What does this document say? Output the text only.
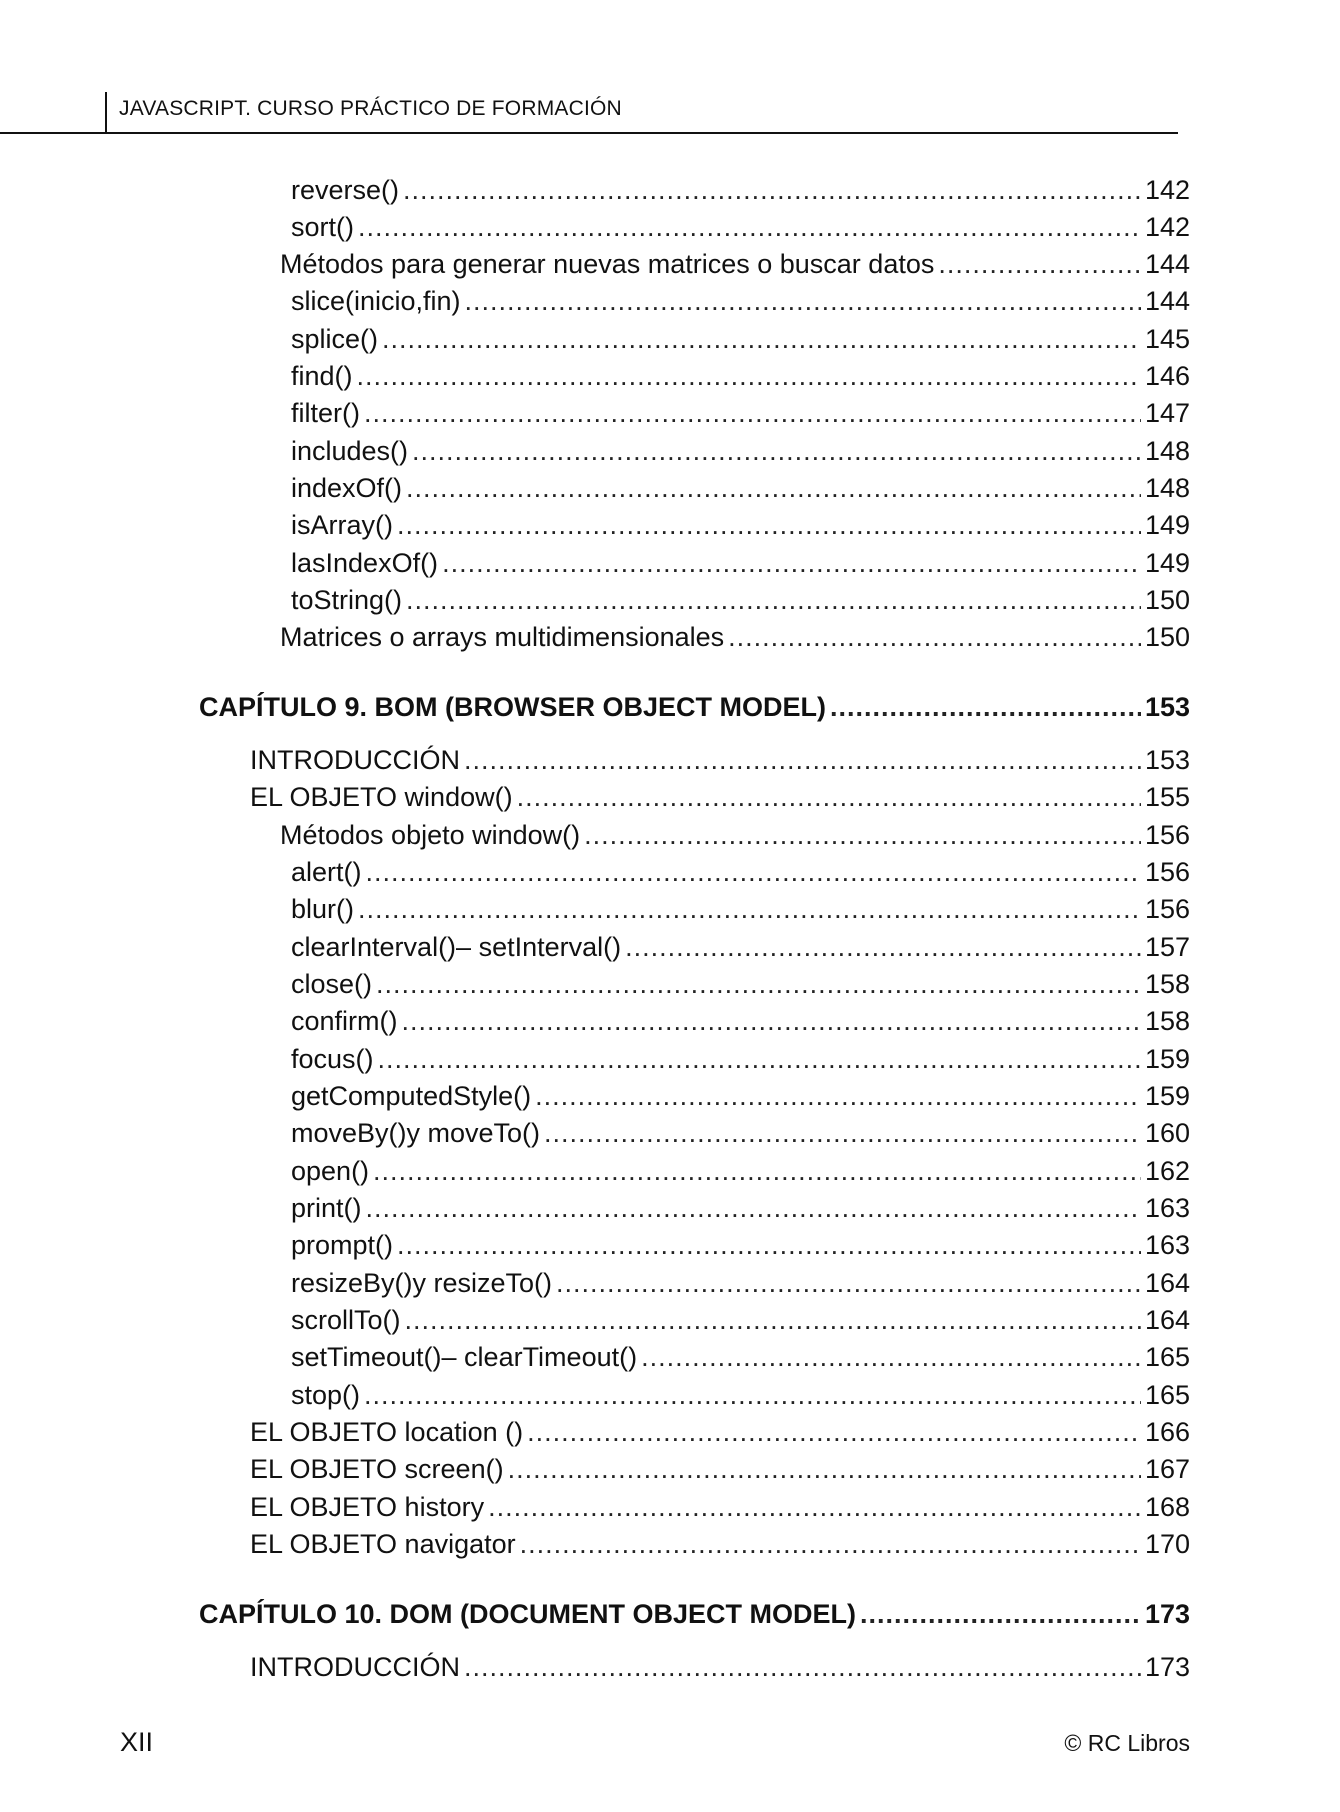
JAVASCRIPT. CURSO PRÁCTICO DE FORMACIÓN
reverse() .....	142
sort() .....	142
Métodos para generar nuevas matrices o buscar datos .....	144
slice(inicio,fin) .....	144
splice() .....	145
find() .....	146
filter() .....	147
includes() .....	148
indexOf() .....	148
isArray() .....	149
lasIndexOf() .....	149
toString() .....	150
Matrices o arrays multidimensionales .....	150
CAPÍTULO 9. BOM (BROWSER OBJECT MODEL) .....	153
INTRODUCCIÓN .....	153
EL OBJETO window() .....	155
Métodos objeto window() .....	156
alert() .....	156
blur() .....	156
clearInterval()– setInterval() .....	157
close() .....	158
confirm() .....	158
focus() .....	159
getComputedStyle() .....	159
moveBy()y moveTo() .....	160
open() .....	162
print() .....	163
prompt() .....	163
resizeBy()y resizeTo() .....	164
scrollTo() .....	164
setTimeout()– clearTimeout() .....	165
stop() .....	165
EL OBJETO location () .....	166
EL OBJETO screen() .....	167
EL OBJETO history .....	168
EL OBJETO navigator .....	170
CAPÍTULO 10. DOM (DOCUMENT OBJECT MODEL) .....	173
INTRODUCCIÓN .....	173
XII	© RC Libros
